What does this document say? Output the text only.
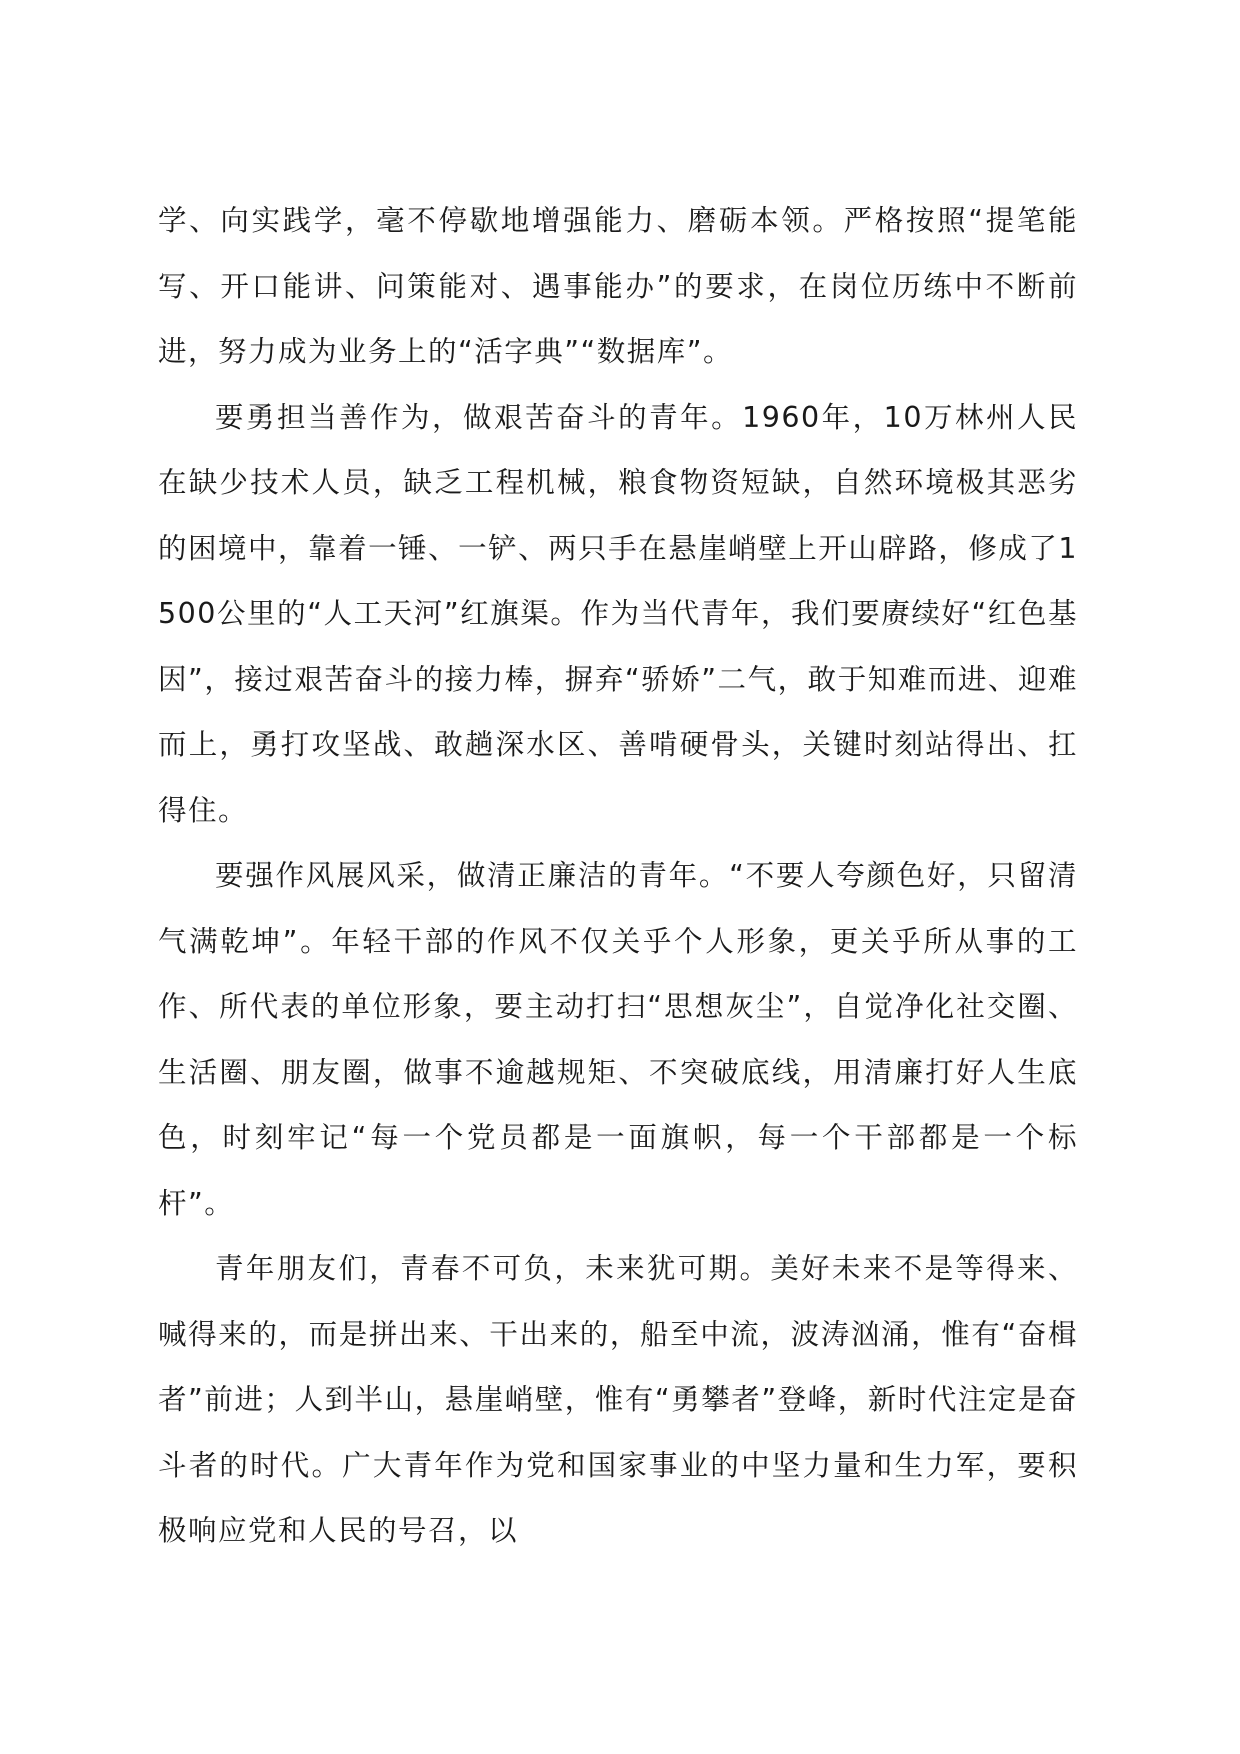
学、向实践学，毫不停歇地增强能力、磨砺本领。严格按照“提笔能写、开口能讲、问策能对、遇事能办”的要求，在岗位历练中不断前进，努力成为业务上的“活字典”“数据库”。

要勇担当善作为，做艰苦奋斗的青年。1960年，10万林州人民在缺少技术人员，缺乏工程机械，粮食物资短缺，自然环境极其恶劣的困境中，靠着一锤、一铲、两只手在悬崖峭壁上开山辟路，修成了1500公里的“人工天河”红旗渠。作为当代青年，我们要赓续好“红色基因”，接过艰苦奋斗的接力棒，摒弃“骄娇”二气，敢于知难而进、迎难而上，勇打攻坚战、敢趟深水区、善啃硬骨头，关键时刻站得出、扛得住。

要强作风展风采，做清正廉洁的青年。“不要人夸颜色好，只留清气满乾坤”。年轻干部的作风不仅关乎个人形象，更关乎所从事的工作、所代表的单位形象，要主动打扫“思想灰尘”，自觉净化社交圈、生活圈、朋友圈，做事不逾越规矩、不突破底线，用清廉打好人生底色，时刻牢记“每一个党员都是一面旗帜，每一个干部都是一个标杆”。

青年朋友们，青春不可负，未来犹可期。美好未来不是等得来、喊得来的，而是拼出来、干出来的，船至中流，波涛汹涌，惟有“奋楫者”前进；人到半山，悬崖峭壁，惟有“勇攀者”登峰，新时代注定是奋斗者的时代。广大青年作为党和国家事业的中坚力量和生力军，要积极响应党和人民的号召，以
